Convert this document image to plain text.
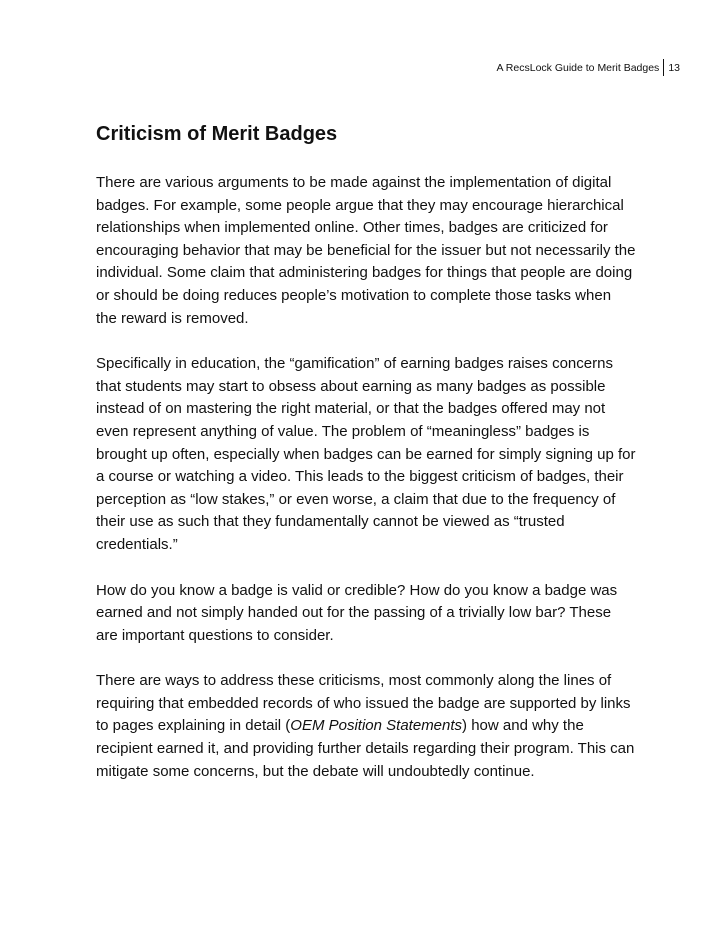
A RecsLock Guide to Merit Badges 13
Criticism of Merit Badges

There are various arguments to be made against the implementation of digital badges. For example, some people argue that they may encourage hierarchical relationships when implemented online. Other times, badges are criticized for encouraging behavior that may be beneficial for the issuer but not necessarily the individual. Some claim that administering badges for things that people are doing or should be doing reduces people’s motivation to complete those tasks when the reward is removed.

Specifically in education, the “gamification” of earning badges raises concerns that students may start to obsess about earning as many badges as possible instead of on mastering the right material, or that the badges offered may not even represent anything of value. The problem of “meaningless” badges is brought up often, especially when badges can be earned for simply signing up for a course or watching a video. This leads to the biggest criticism of badges, their perception as “low stakes,” or even worse, a claim that due to the frequency of their use as such that they fundamentally cannot be viewed as “trusted credentials.”

How do you know a badge is valid or credible? How do you know a badge was earned and not simply handed out for the passing of a trivially low bar? These are important questions to consider.

There are ways to address these criticisms, most commonly along the lines of requiring that embedded records of who issued the badge are supported by links to pages explaining in detail (OEM Position Statements) how and why the recipient earned it, and providing further details regarding their program. This can mitigate some concerns, but the debate will undoubtedly continue.
